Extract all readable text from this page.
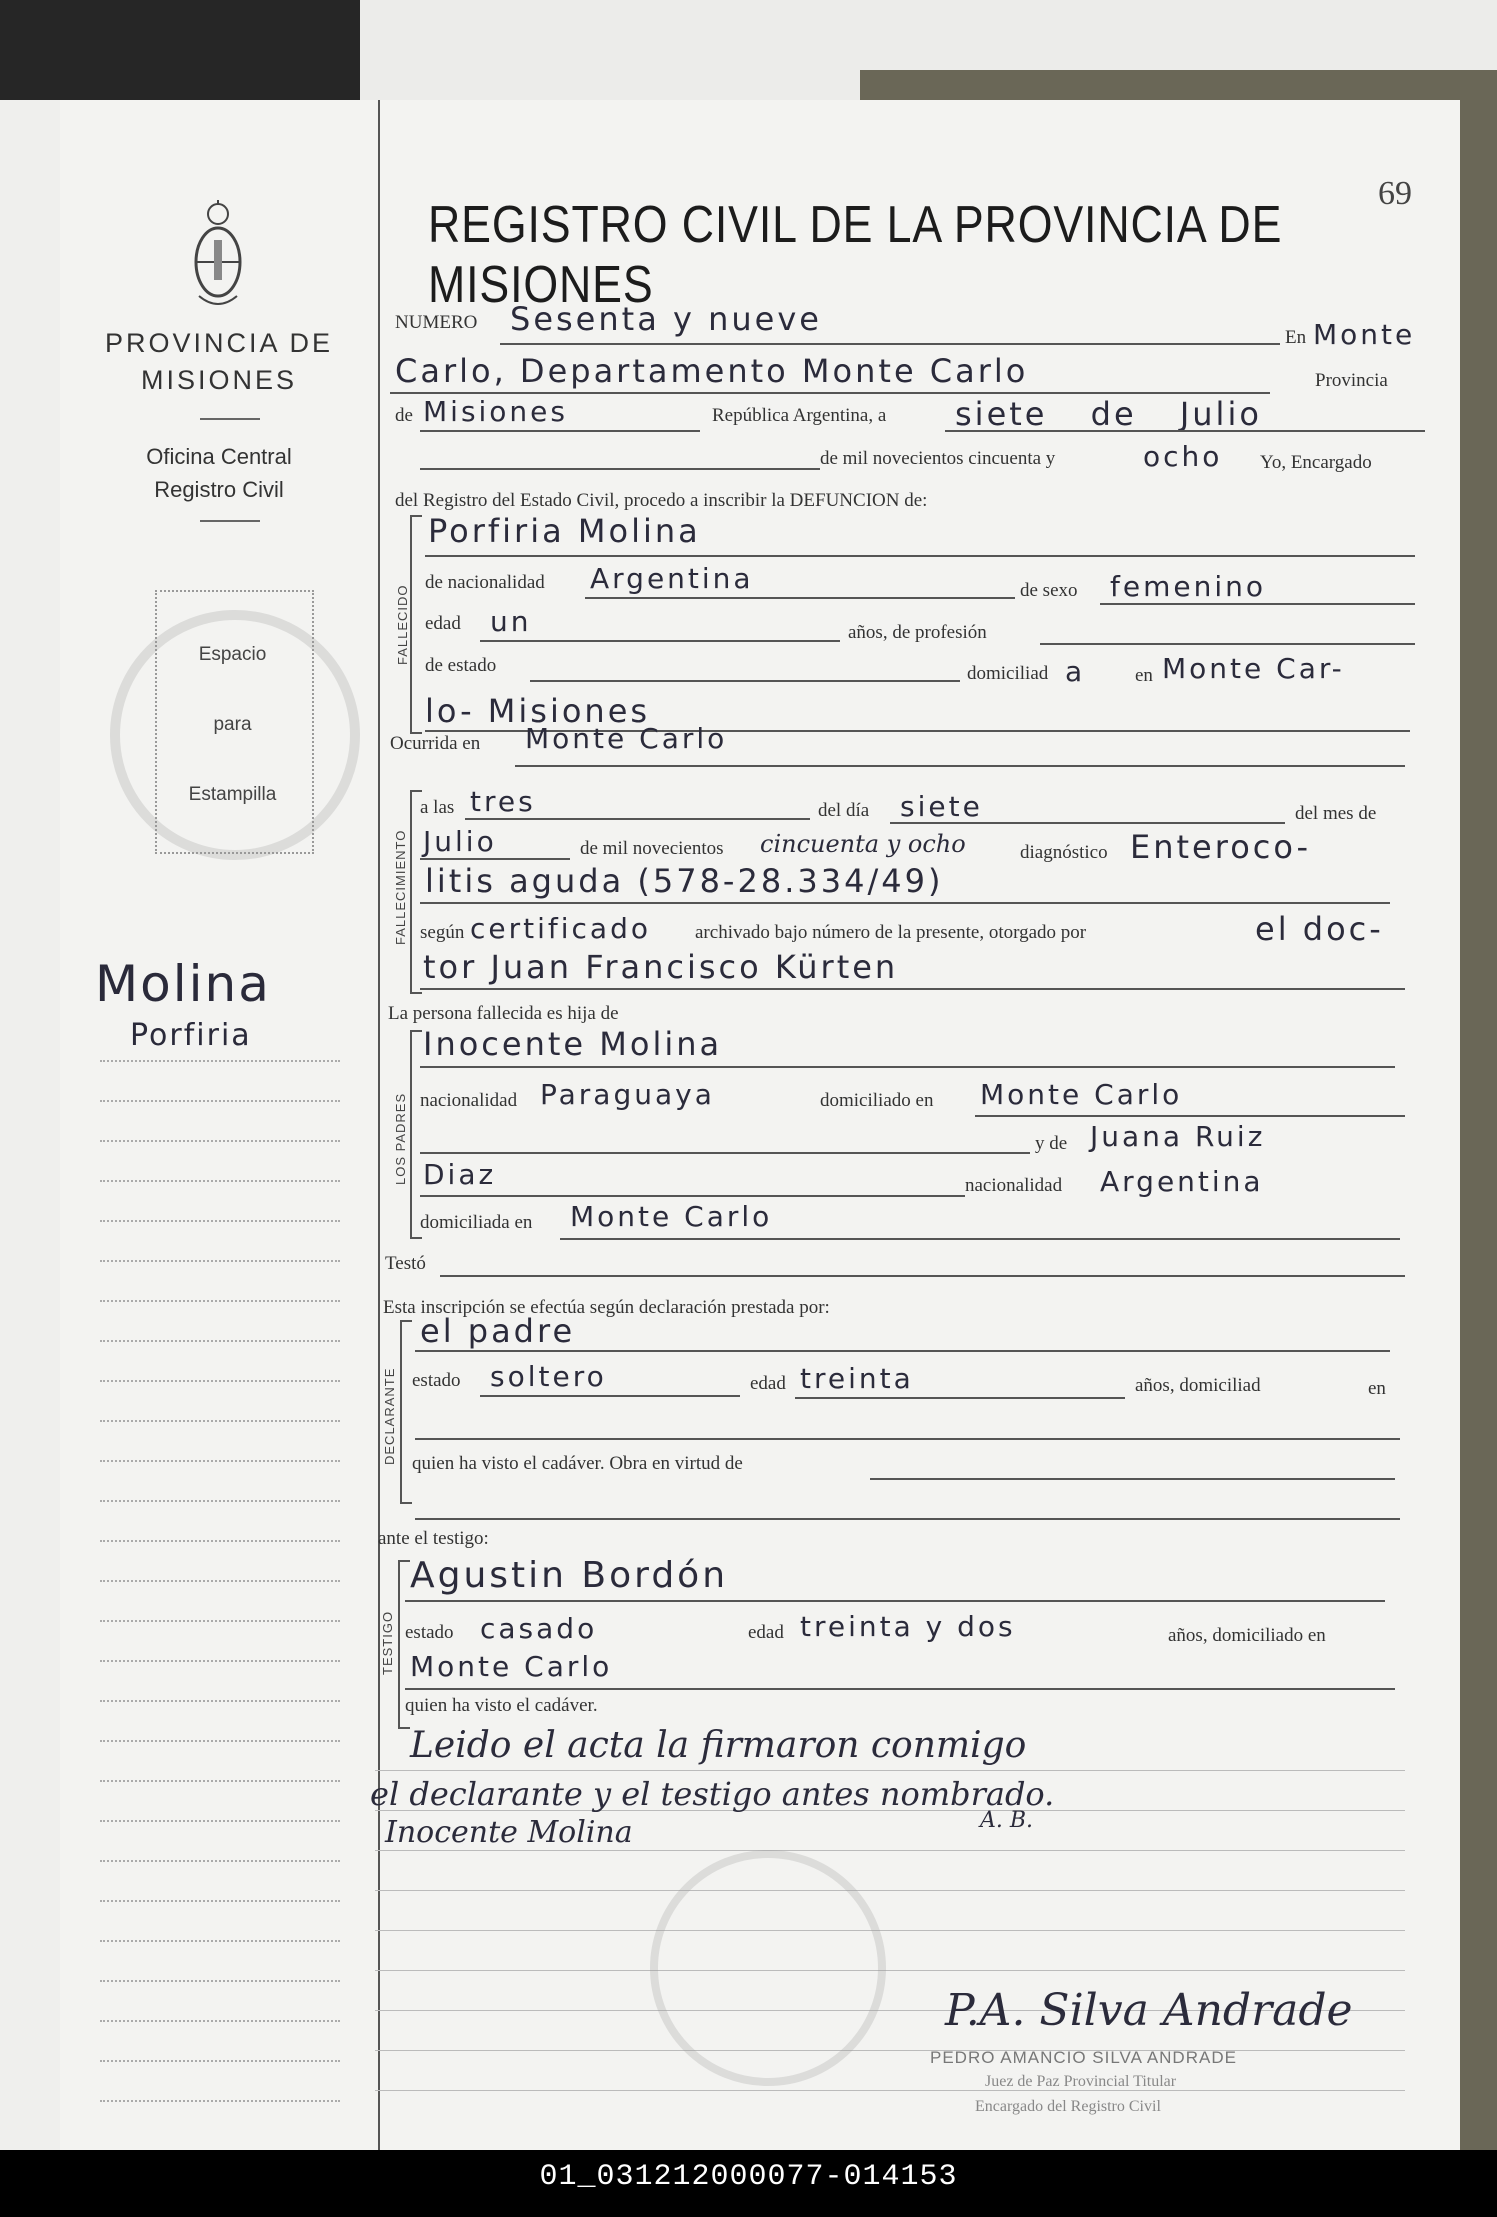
PROVINCIA DE MISIONES
Oficina Central
Registro Civil
Espacio
para
Estampilla
Molina
Porfiria
69
REGISTRO CIVIL DE LA PROVINCIA DE MISIONES
NUMERO Sesenta y nueve	En Monte
Carlo, Departamento Monte Carlo	Provincia
de Misiones	República Argentina, a siete de Julio
de mil novecientos cincuenta y	ocho Yo, Encargado
del Registro del Estado Civil, procedo a inscribir la DEFUNCION de:
FALLECIDO
Porfiria Molina
de nacionalidad Argentina	de sexo femenino
edad un	años, de profesión
de estado	domiciliad a	en Monte Car-
lo- Misiones
Ocurrida en Monte Carlo
FALLECIMIENTO
a las tres	del día siete	del mes de
Julio	de mil novecientos cincuenta y ocho	diagnóstico Enteroco-
litis aguda (578-28.334/49)
según certificado archivado bajo número de la presente, otorgado por	el doc-
tor Juan Francisco Kürten
La persona fallecida es hija de
LOS PADRES
Inocente Molina
nacionalidad Paraguaya	domiciliado en Monte Carlo
y de Juana Ruiz
Diaz	nacionalidad Argentina
domiciliada en Monte Carlo
Testó
Esta inscripción se efectúa según declaración prestada por:
DECLARANTE
el padre
estado soltero	edad treinta	años, domiciliad	en
quien ha visto el cadáver. Obra en virtud de
ante el testigo:
TESTIGO
Agustin Bordón
estado casado	edad treinta y dos	años, domiciliado en
Monte Carlo
quien ha visto el cadáver.
Leido el acta la firmaron conmigo
el declarante y el testigo antes nombrado.
Inocente Molina	A. B.
P.A. Silva Andrade
PEDRO AMANCIO SILVA ANDRADE
Juez de Paz Provincial Titular
Encargado del Registro Civil
01_031212000077-014153
